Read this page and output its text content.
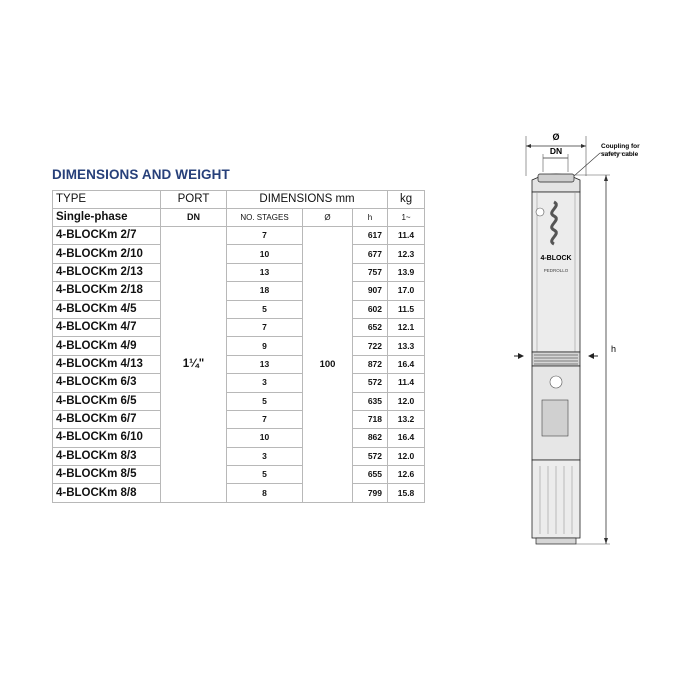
DIMENSIONS AND WEIGHT
TYPE	PORT	DIMENSIONS mm			kg
Single-phase	DN	NO. STAGES	Ø	h	1~
4-BLOCKm 2/7	1¼"	7	100	617	11.4
4-BLOCKm 2/10		10		677	12.3
4-BLOCKm 2/13		13		757	13.9
4-BLOCKm 2/18		18		907	17.0
4-BLOCKm 4/5		5		602	11.5
4-BLOCKm 4/7		7		652	12.1
4-BLOCKm 4/9		9		722	13.3
4-BLOCKm 4/13		13		872	16.4
4-BLOCKm 6/3		3		572	11.4
4-BLOCKm 6/5		5		635	12.0
4-BLOCKm 6/7		7		718	13.2
4-BLOCKm 6/10		10		862	16.4
4-BLOCKm 8/3		3		572	12.0
4-BLOCKm 8/5		5		655	12.6
4-BLOCKm 8/8		8		799	15.8
Ø
DN	Coupling for
safety cable
4-BLOCK
PEDROLLO
h
